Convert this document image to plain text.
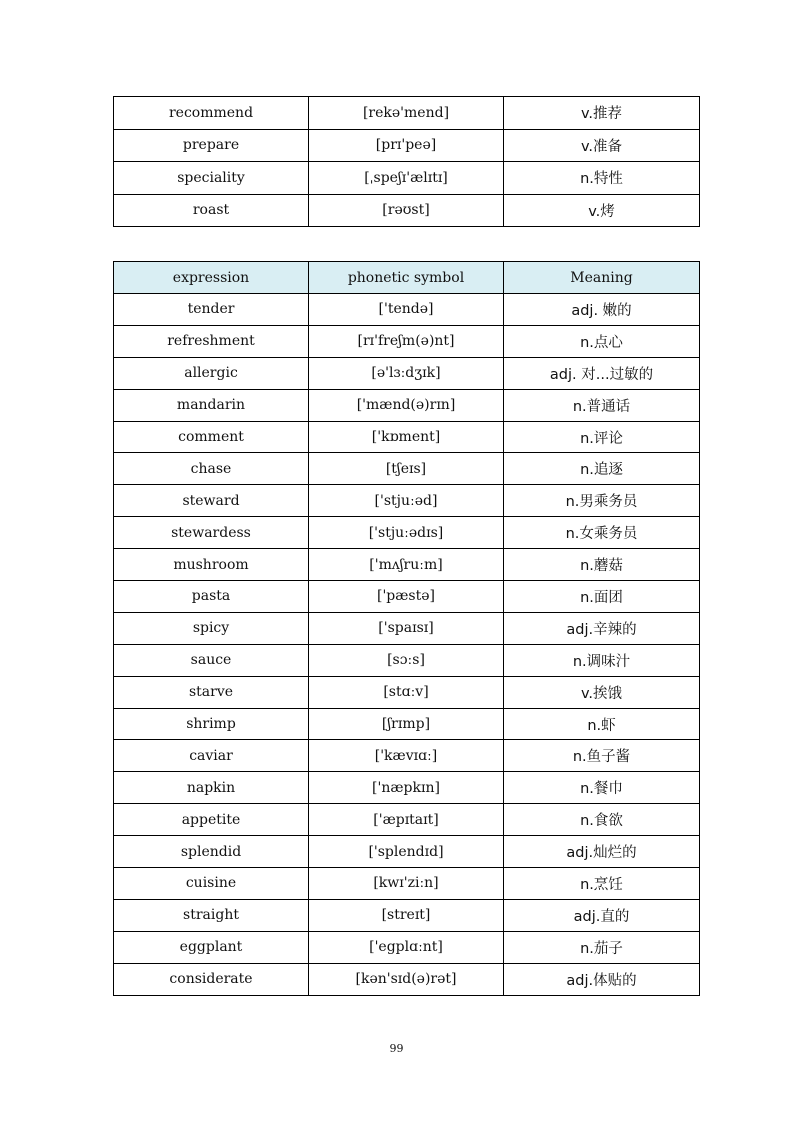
recommend	[rekə'mend]	v.推荐
prepare	[prɪ'peə]	v.准备
speciality	[ˌspeʃɪ'ælɪtɪ]	n.特性
roast	[rəʊst]	v.烤
expression	phonetic symbol	Meaning
tender	['tendə]	adj. 嫩的
refreshment	[rɪ'freʃm(ə)nt]	n.点心
allergic	[ə'lɜːdʒɪk]	adj. 对...过敏的
mandarin	['mænd(ə)rɪn]	n.普通话
comment	['kɒment]	n.评论
chase	[tʃeɪs]	n.追逐
steward	['stjuːəd]	n.男乘务员
stewardess	['stjuːədɪs]	n.女乘务员
mushroom	['mʌʃruːm]	n.蘑菇
pasta	['pæstə]	n.面团
spicy	['spaɪsɪ]	adj.辛辣的
sauce	[sɔːs]	n.调味汁
starve	[stɑːv]	v.挨饿
shrimp	[ʃrɪmp]	n.虾
caviar	['kævɪɑː]	n.鱼子酱
napkin	['næpkɪn]	n.餐巾
appetite	['æpɪtaɪt]	n.食欲
splendid	['splendɪd]	adj.灿烂的
cuisine	[kwɪ'ziːn]	n.烹饪
straight	[streɪt]	adj.直的
eggplant	['egplɑːnt]	n.茄子
considerate	[kən'sɪd(ə)rət]	adj.体贴的
99
